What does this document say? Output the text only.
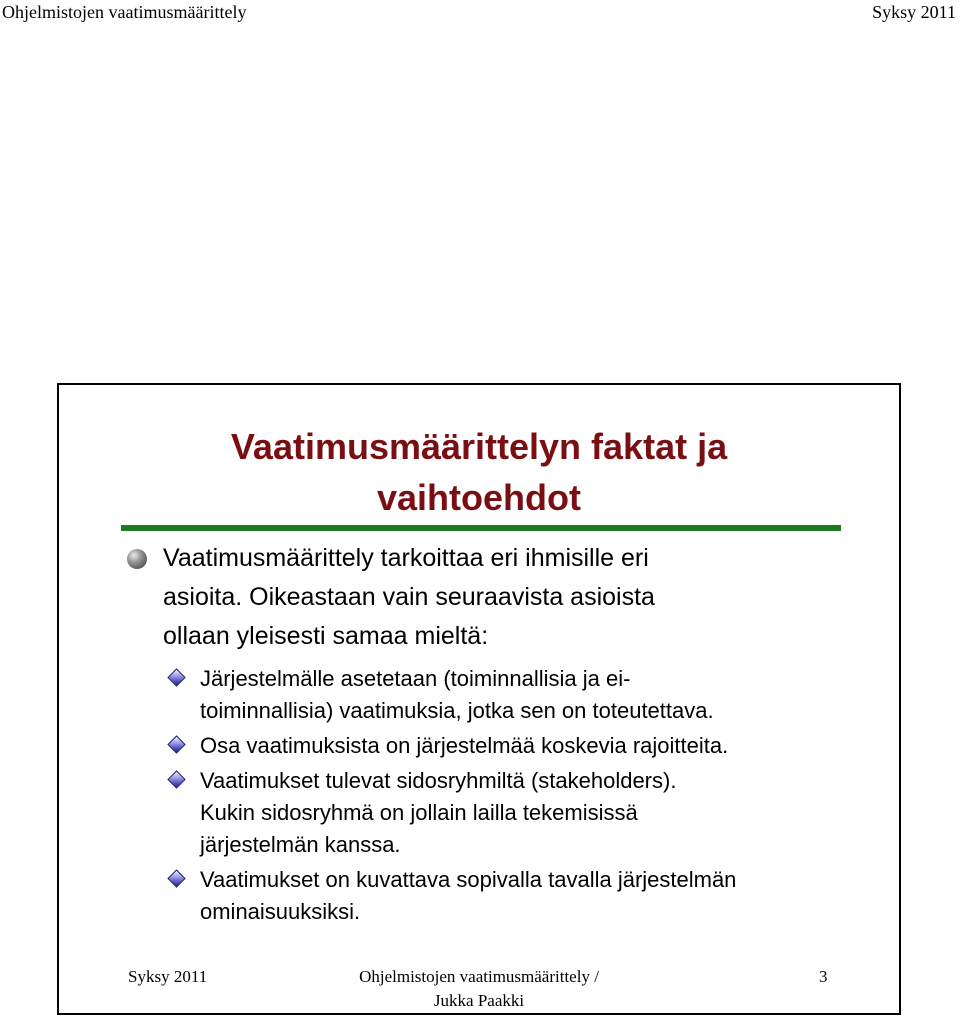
Ohjelmistojen vaatimusmäärittely	Syksy 2011
Vaatimusmäärittelyn faktat ja
vaihtoehdot
Vaatimusmäärittely tarkoittaa eri ihmisille eri
asioita. Oikeastaan vain seuraavista asioista
ollaan yleisesti samaa mieltä:
Järjestelmälle asetetaan (toiminnallisia ja ei-
toiminnallisia) vaatimuksia, jotka sen on toteutettava.
Osa vaatimuksista on järjestelmää koskevia rajoitteita.
Vaatimukset tulevat sidosryhmiltä (stakeholders).
Kukin sidosryhmä on jollain lailla tekemisissä
järjestelmän kanssa.
Vaatimukset on kuvattava sopivalla tavalla järjestelmän
ominaisuuksiksi.
Syksy 2011	Ohjelmistojen vaatimusmäärittely /
Jukka Paakki
3
